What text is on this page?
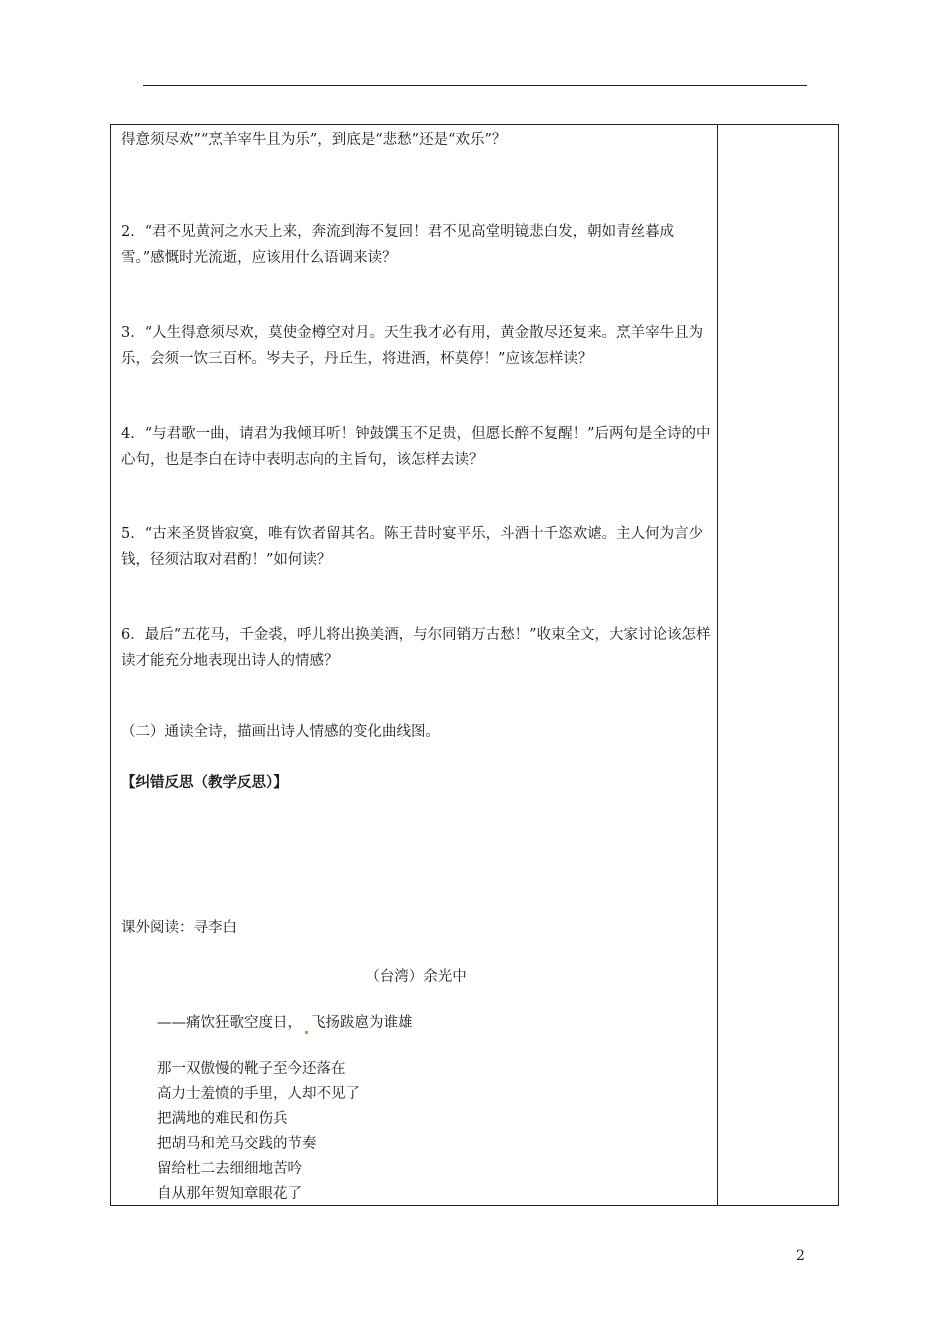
得意须尽欢”“烹羊宰牛且为乐”，到底是“悲愁”还是“欢乐”？
2．“君不见黄河之水天上来，奔流到海不复回！君不见高堂明镜悲白发，朝如青丝暮成雪。”感慨时光流逝，应该用什么语调来读？
3．“人生得意须尽欢，莫使金樽空对月。天生我才必有用，黄金散尽还复来。烹羊宰牛且为乐，会须一饮三百杯。岑夫子，丹丘生，将进酒，杯莫停！”应该怎样读？
4．“与君歌一曲，请君为我倾耳听！钟鼓馔玉不足贵，但愿长醉不复醒！”后两句是全诗的中心句，也是李白在诗中表明志向的主旨句，该怎样去读？
5．“古来圣贤皆寂寞，唯有饮者留其名。陈王昔时宴平乐，斗酒十千恣欢谑。主人何为言少钱，径须沽取对君酌！”如何读？
6．最后“五花马，千金裘，呼儿将出换美酒，与尔同销万古愁！”收束全文，大家讨论该怎样读才能充分地表现出诗人的情感？
（二）通读全诗，描画出诗人情感的变化曲线图。
【纠错反思（教学反思）】
课外阅读：寻李白
（台湾）余光中
——痛饮狂歌空度日， 飞扬跋扈为谁雄
那一双傲慢的靴子至今还落在
高力士羞愤的手里，人却不见了
把满地的难民和伤兵
把胡马和羌马交践的节奏
留给杜二去细细地苦吟
自从那年贺知章眼花了
2
